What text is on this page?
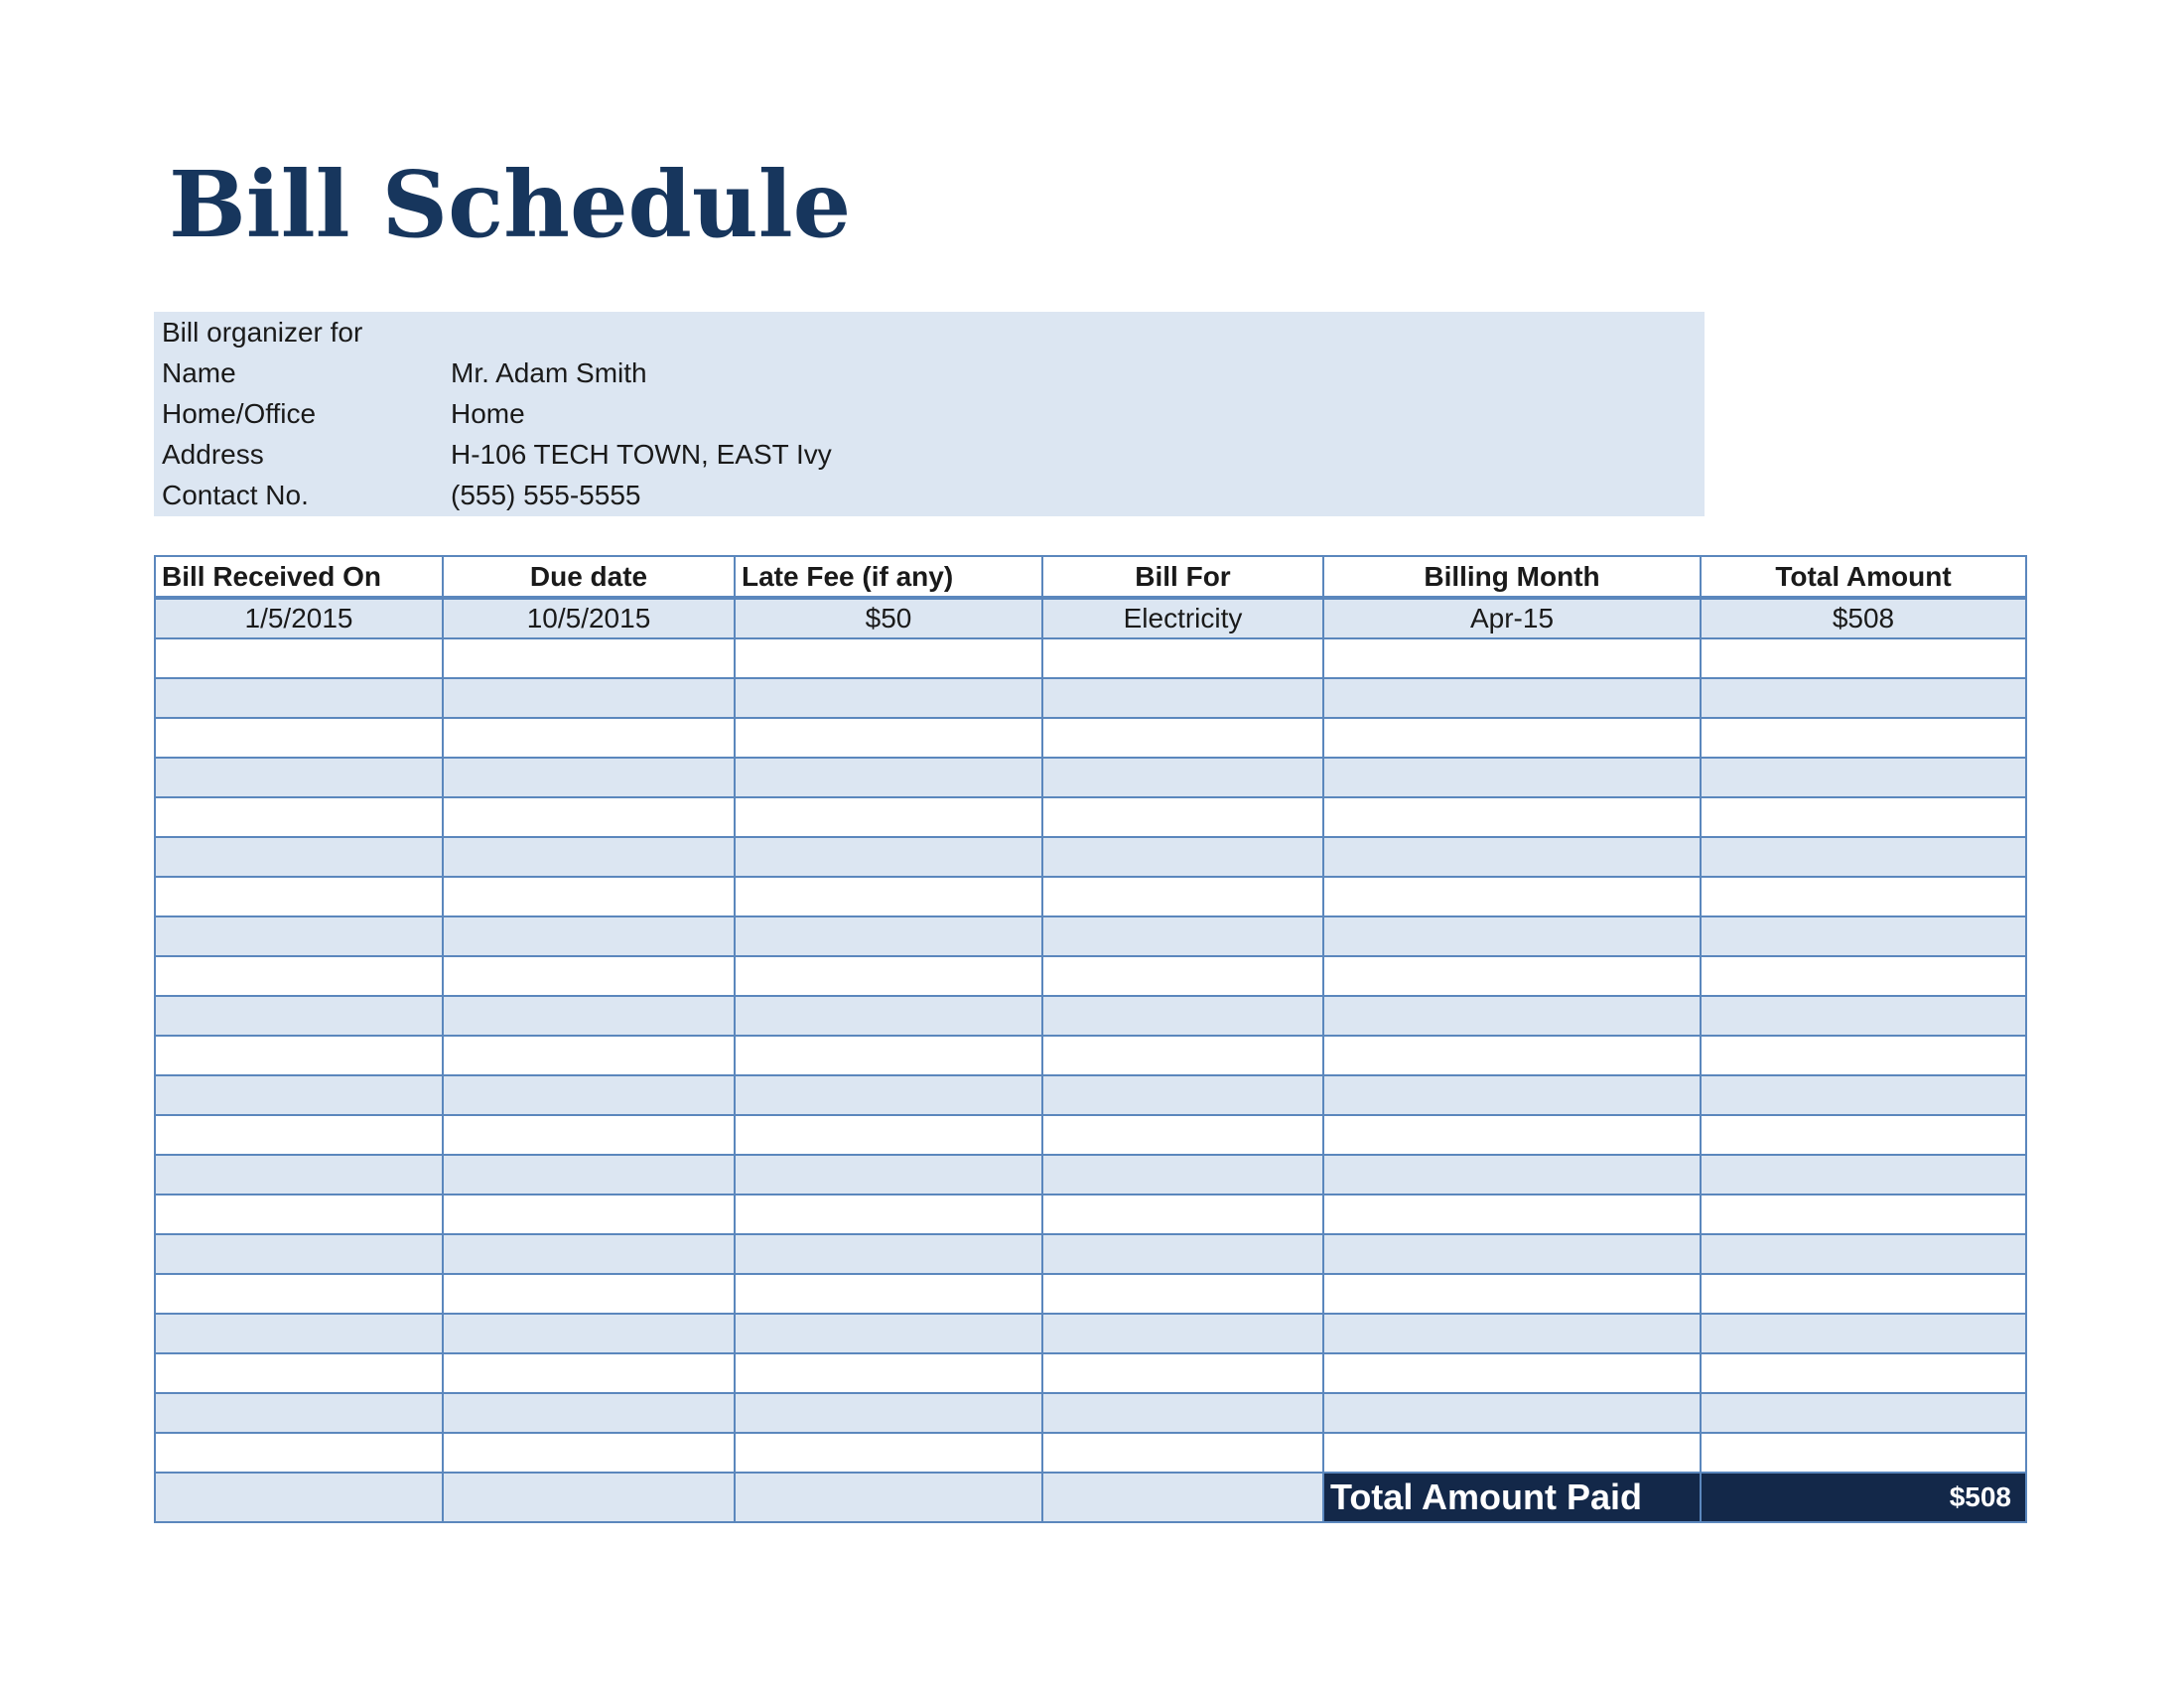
Bill Schedule
Bill organizer for
Name	Mr. Adam Smith
Home/Office	Home
Address	H-106 TECH TOWN, EAST Ivy
Contact No.	(555) 555-5555
Bill Received On	Due date	Late Fee (if any)	Bill For	Billing Month	Total Amount
1/5/2015	10/5/2015	$50	Electricity	Apr-15	$508

				Total Amount Paid	$508
